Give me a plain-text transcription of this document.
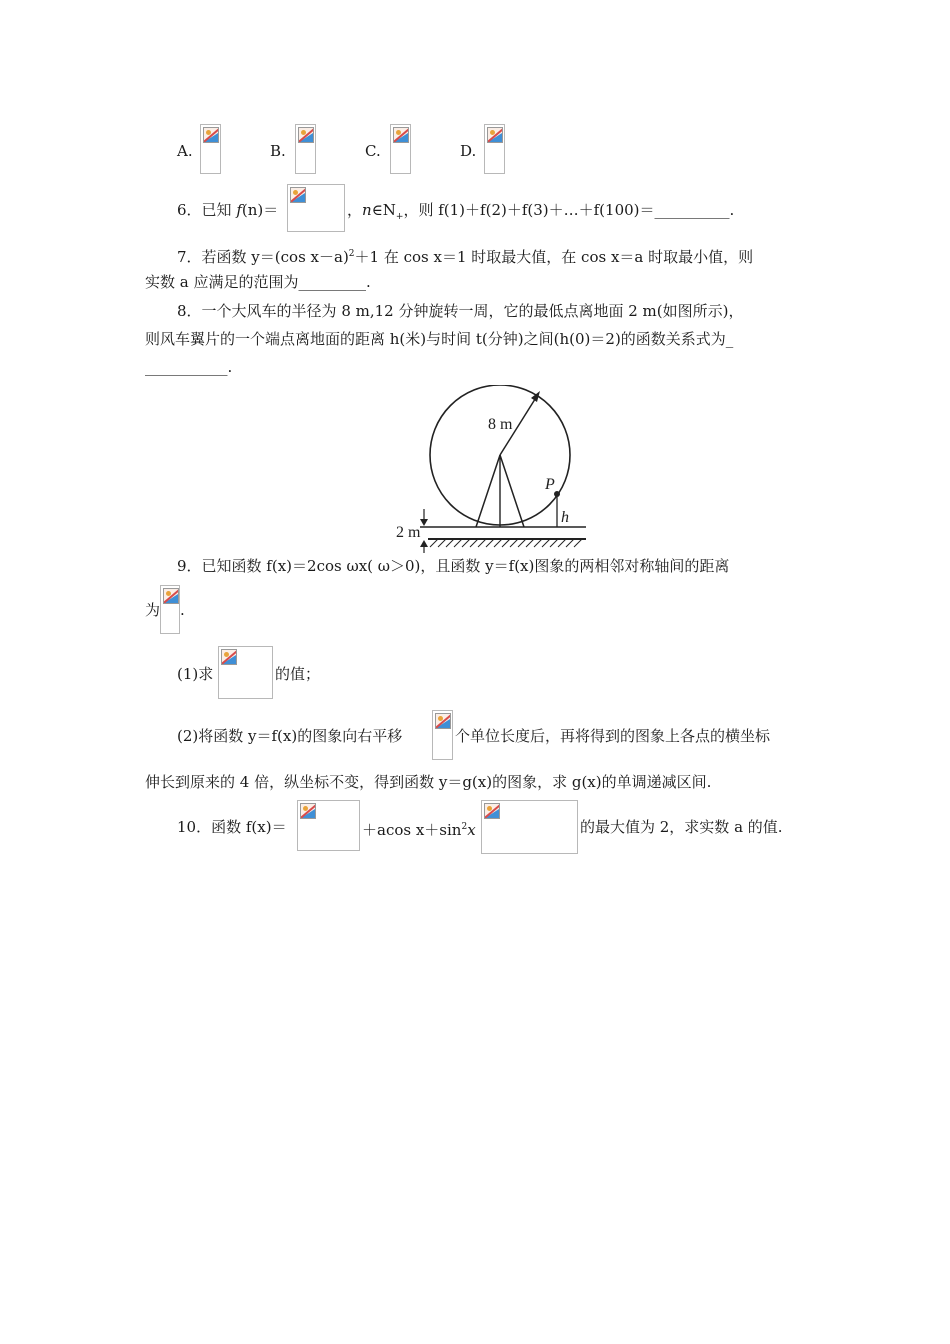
A.	B.	C.	D.
6．已知 f(n)＝	，$n\in N_+$，则 f(1)＋f(2)＋f(3)＋…＋f(100)＝__________.
7．若函数 y＝(cos x－a)$^2$＋1 在 cos x＝1 时取最大值，在 cos x＝a 时取最小值，则
实数 a 应满足的范围为_________.
8．一个大风车的半径为 8 m,12 分钟旋转一周，它的最低点离地面 2 m(如图所示)，
则风车翼片的一个端点离地面的距离 h(米)与时间 t(分钟)之间(h(0)＝2)的函数关系式为_
___________.
8 m
P
h
2 m
9．已知函数 f(x)＝2cos ωx( ω＞0)，且函数 y＝f(x)图象的两相邻对称轴间的距离
为 .
(1)求	的值；
(2)将函数 y＝f(x)的图象向右平移	个单位长度后，再将得到的图象上各点的横坐标
伸长到原来的 4 倍，纵坐标不变，得到函数 y＝g(x)的图象，求 g(x)的单调递减区间.
10．函数 f(x)＝	＋acos $x+\sin^2x$	的最大值为 2，求实数 a 的值.
